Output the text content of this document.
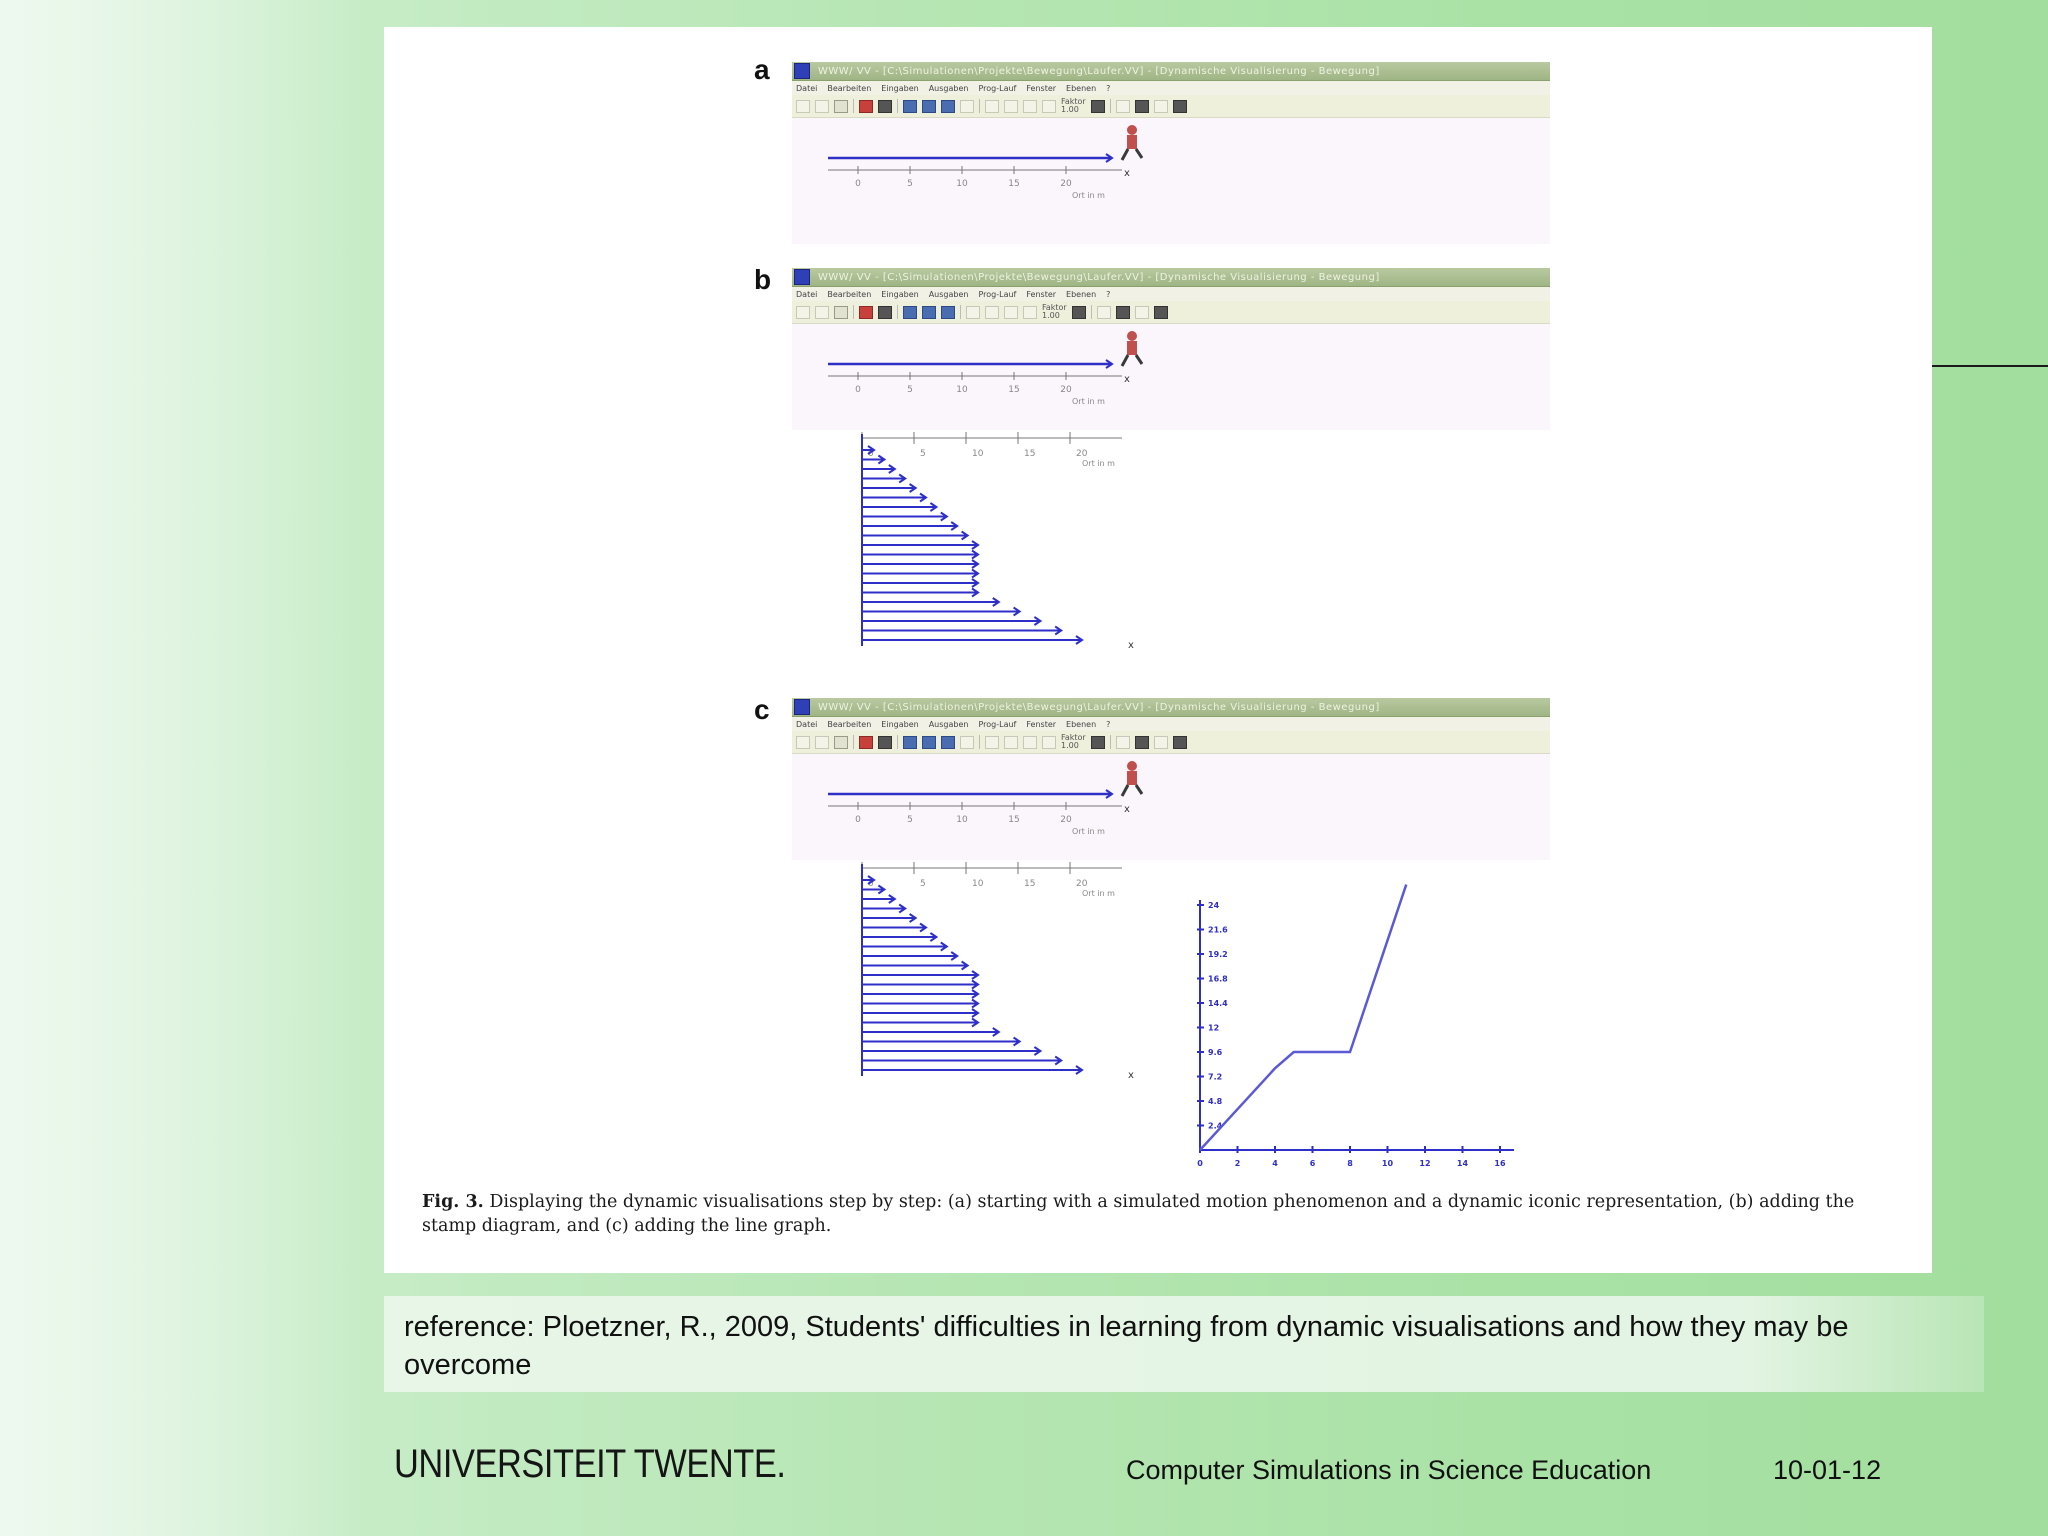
a
b
c
WWW/ VV - [C:\Simulationen\Projekte\Bewegung\Laufer.VV] - [Dynamische Visualisierung - Bewegung]
Datei Bearbeiten Eingaben Ausgaben Prog-Lauf Fenster Ebenen ?
Faktor
1.00
0	5	10	15	20
x
Ort in m
WWW/ VV - [C:\Simulationen\Projekte\Bewegung\Laufer.VV] - [Dynamische Visualisierung - Bewegung]
Datei Bearbeiten Eingaben Ausgaben Prog-Lauf Fenster Ebenen ?
Faktor
1.00
0	5	10	15	20
x
Ort in m
WWW/ VV - [C:\Simulationen\Projekte\Bewegung\Laufer.VV] - [Dynamische Visualisierung - Bewegung]
Datei Bearbeiten Eingaben Ausgaben Prog-Lauf Fenster Ebenen ?
Faktor
1.00
0	5	10	15	20
x
Ort in m
0	5	10	15	20
Ort in m
x
0	5	10	15	20
Ort in m
x
2.4
4.8
7.2
9.6
12
14.4
16.8
19.2
21.6
24
0	2	4	6	8	10	12	14	16
Fig. 3. Displaying the dynamic visualisations step by step: (a) starting with a simulated motion phenomenon and a dynamic iconic representation, (b) adding the stamp diagram, and (c) adding the line graph.
reference: Ploetzner, R., 2009, Students' difficulties in learning from dynamic visualisations and how they may be overcome
UNIVERSITEIT TWENTE.	Computer Simulations in Science Education	10-01-12
